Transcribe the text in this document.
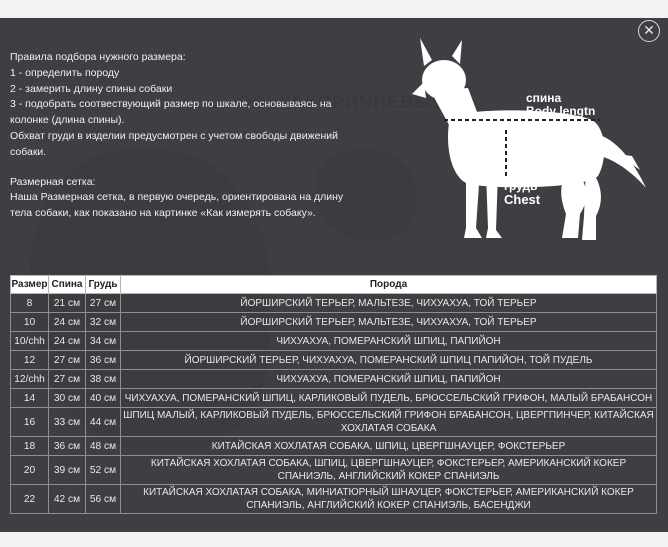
✕

Правила подбора нужного размера:

1 - определить породу

2 - замерить длину спины собаки

3 - подобрать соотвествующий размер по шкале, основываясь на колонке (длина спины).

Обхват груди в изделии предусмотрен с учетом свободы движений собаки.

Размерная сетка:

Наша Размерная сетка, в первую очередь, ориентирована на длину тела собаки, как показано на картинке «Как измерять собаку».

спина
Body lengtn
грудь
Chest
Размер	Спина	Грудь	Порода
8	21 см	27 см	ЙОРШИРСКИЙ ТЕРЬЕР, МАЛЬТЕЗЕ, ЧИХУАХУА, ТОЙ ТЕРЬЕР
10	24 см	32 см	ЙОРШИРСКИЙ ТЕРЬЕР, МАЛЬТЕЗЕ, ЧИХУАХУА, ТОЙ ТЕРЬЕР
10/chh	24 см	34 см	ЧИХУАХУА, ПОМЕРАНСКИЙ ШПИЦ, ПАПИЙОН
12	27 см	36 см	ЙОРШИРСКИЙ ТЕРЬЕР, ЧИХУАХУА, ПОМЕРАНСКИЙ ШПИЦ ПАПИЙОН, ТОЙ ПУДЕЛЬ
12/chh	27 см	38 см	ЧИХУАХУА, ПОМЕРАНСКИЙ ШПИЦ, ПАПИЙОН
14	30 см	40 см	ЧИХУАХУА, ПОМЕРАНСКИЙ ШПИЦ, КАРЛИКОВЫЙ ПУДЕЛЬ, БРЮССЕЛЬСКИЙ ГРИФОН, МАЛЫЙ БРАБАНСОН
16	33 см	44 см	ШПИЦ МАЛЫЙ, КАРЛИКОВЫЙ ПУДЕЛЬ, БРЮССЕЛЬСКИЙ ГРИФОН БРАБАНСОН, ЦВЕРГПИНЧЕР, КИТАЙСКАЯ ХОХЛАТАЯ СОБАКА
18	36 см	48 см	КИТАЙСКАЯ ХОХЛАТАЯ СОБАКА, ШПИЦ, ЦВЕРГШНАУЦЕР, ФОКСТЕРЬЕР
20	39 см	52 см	КИТАЙСКАЯ ХОХЛАТАЯ СОБАКА, ШПИЦ, ЦВЕРГШНАУЦЕР, ФОКСТЕРЬЕР, АМЕРИКАНСКИЙ КОКЕР СПАНИЭЛЬ, АНГЛИЙСКИЙ КОКЕР СПАНИЭЛЬ
22	42 см	56 см	КИТАЙСКАЯ ХОХЛАТАЯ СОБАКА, МИНИАТЮРНЫЙ ШНАУЦЕР, ФОКСТЕРЬЕР, АМЕРИКАНСКИЙ КОКЕР СПАНИЭЛЬ, АНГЛИЙСКИЙ КОКЕР СПАНИЭЛЬ, БАСЕНДЖИ
